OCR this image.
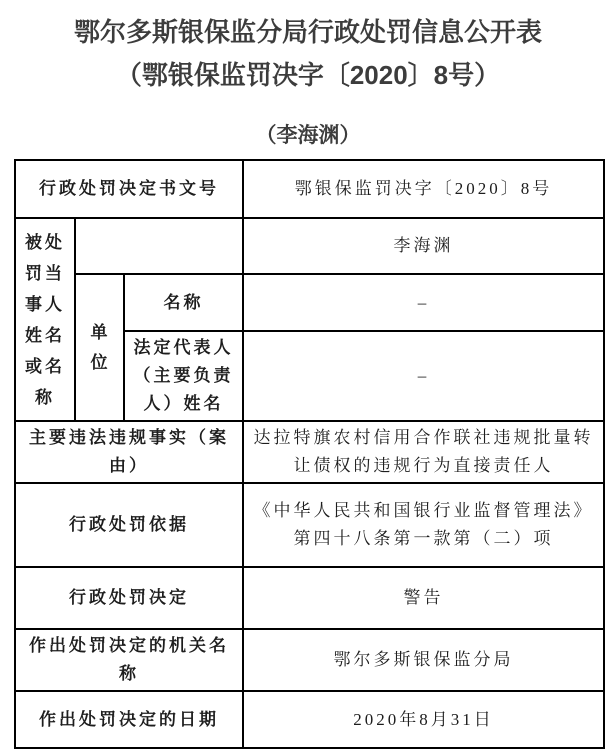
鄂尔多斯银保监分局行政处罚信息公开表
（鄂银保监罚决字〔2020〕8号）
（李海渊）
行政处罚决定书文号			鄂银保监罚决字〔2020〕8号
被处罚当事人姓名或名称			李海渊
	单位	名称	–
		法定代表人（主要负责人）姓名	–
主要违法违规事实（案由）			达拉特旗农村信用合作联社违规批量转让债权的违规行为直接责任人
行政处罚依据			《中华人民共和国银行业监督管理法》第四十八条第一款第（二）项
行政处罚决定			警告
作出处罚决定的机关名称			鄂尔多斯银保监分局
作出处罚决定的日期			2020年8月31日
